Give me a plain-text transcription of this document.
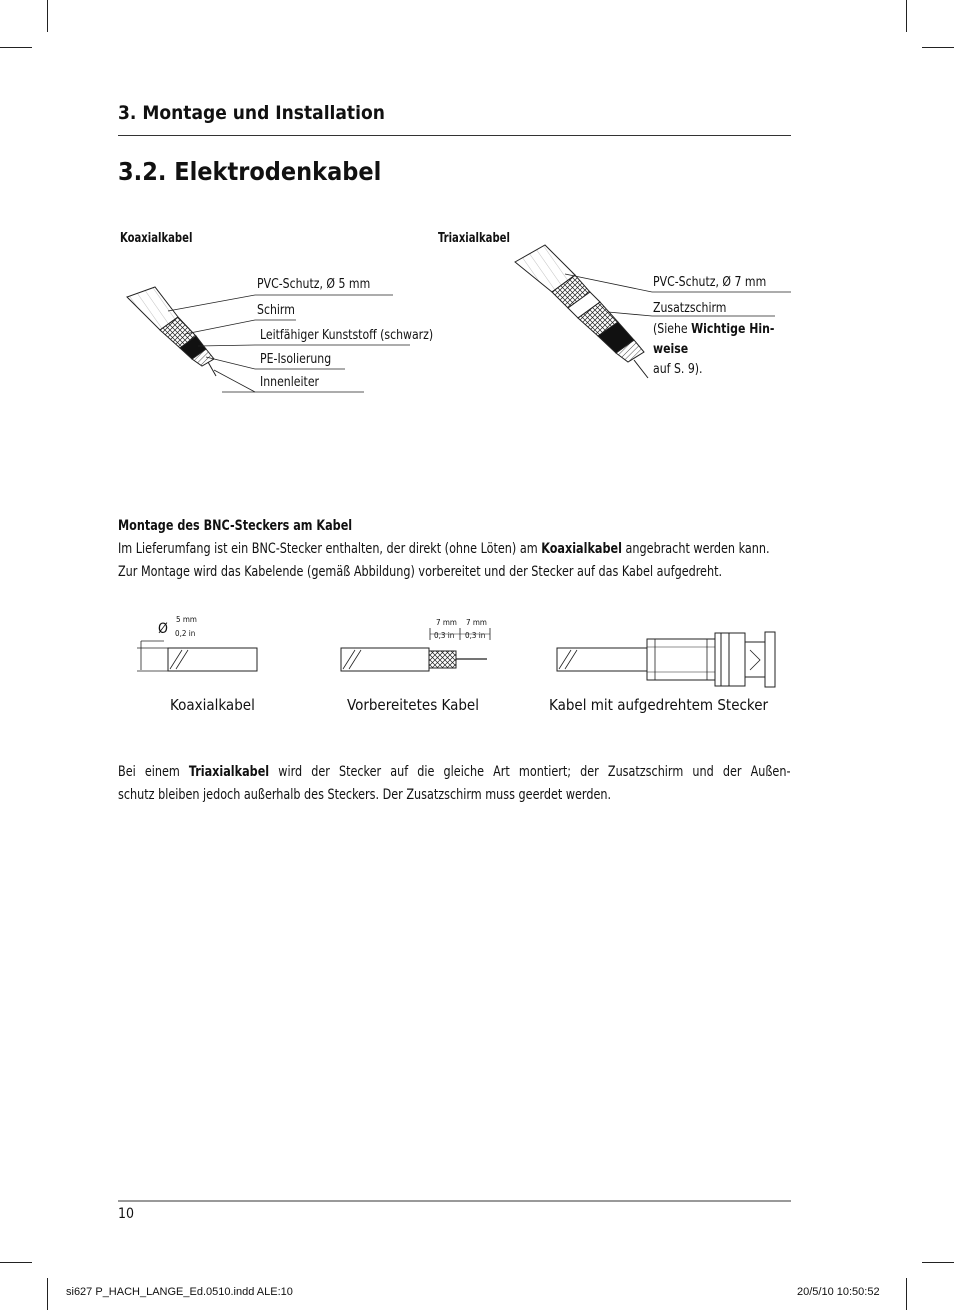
3. Montage und Installation
3.2. Elektrodenkabel
Koaxialkabel	Triaxialkabel
PVC-Schutz, Ø 5 mm
Schirm
Leitfähiger Kunststoff (schwarz)
PE-Isolierung
Innenleiter
PVC-Schutz, Ø 7 mm
Zusatzschirm
(Siehe Wichtige Hin-
weise
auf S. 9).
Montage des BNC-Steckers am Kabel
Im Lieferumfang ist ein BNC-Stecker enthalten, der direkt (ohne Löten) am Koaxialkabel angebracht werden kann.
Zur Montage wird das Kabelende (gemäß Abbildung) vorbereitet und der Stecker auf das Kabel aufgedreht.
Ø
5 mm
0,2 in
7 mm 7 mm
0,3 in 0,3 in
Koaxialkabel	Vorbereitetes Kabel	Kabel mit aufgedrehtem Stecker
Bei einem Triaxialkabel wird der Stecker auf die gleiche Art montiert; der Zusatzschirm und der Außen-
schutz bleiben jedoch außerhalb des Steckers. Der Zusatzschirm muss geerdet werden.
10
si627 P_HACH_LANGE_Ed.0510.indd ALE:10	20/5/10 10:50:52
